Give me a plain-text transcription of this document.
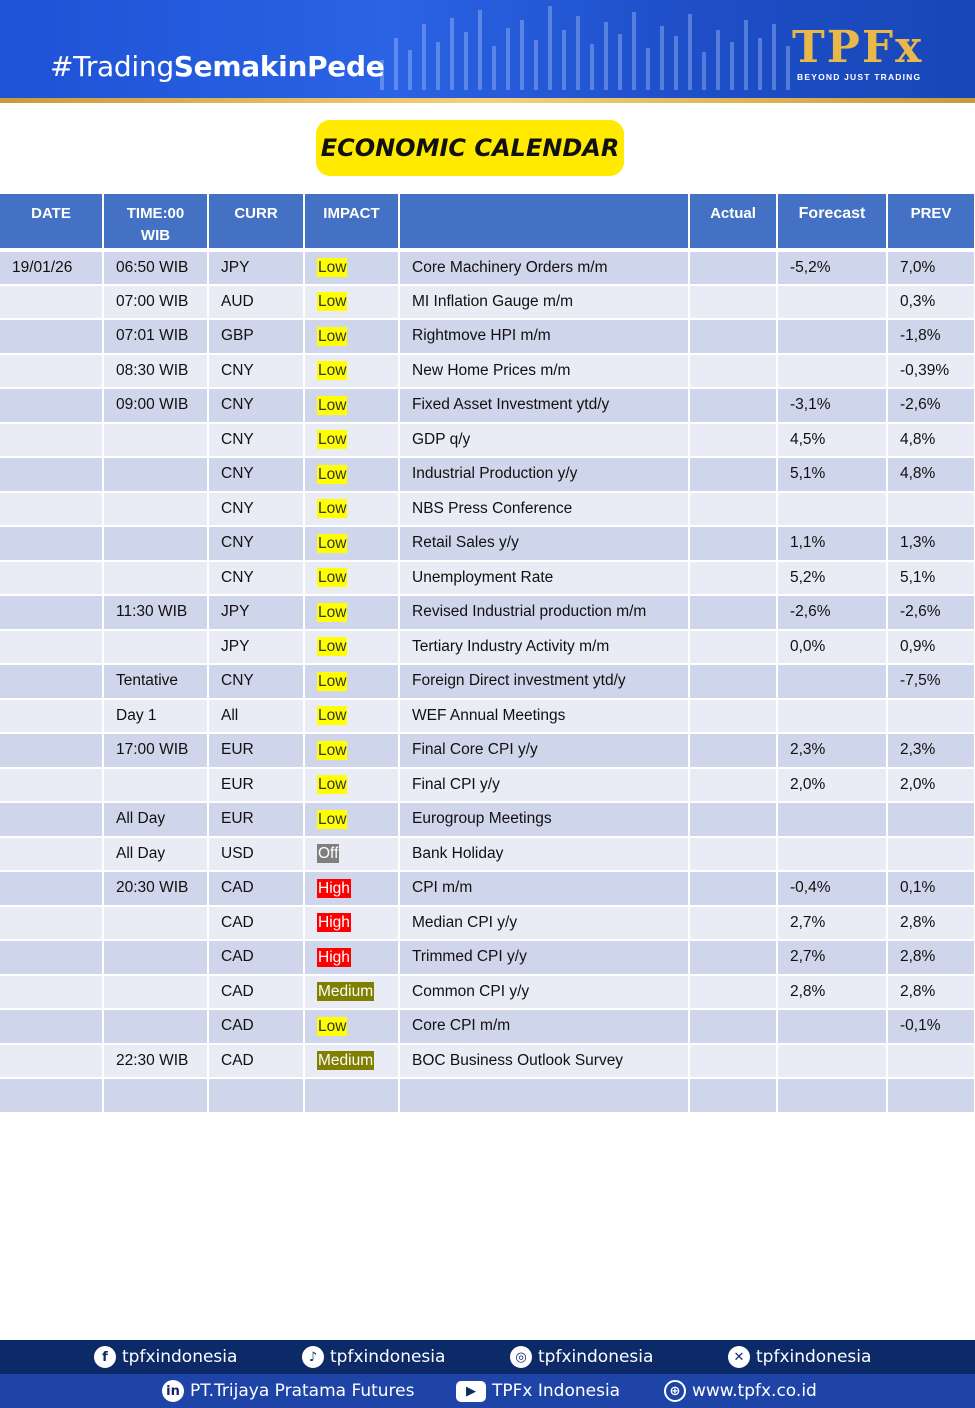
#TradingSemakinPede	TPFx
BEYOND JUST TRADING
ECONOMIC CALENDAR
DATE	TIME:00
WIB	CURR	IMPACT		Actual	Forecast	PREV
19/01/26	06:50 WIB	JPY	Low	Core Machinery Orders m/m		-5,2%	7,0%
	07:00 WIB	AUD	Low	MI Inflation Gauge m/m			0,3%
	07:01 WIB	GBP	Low	Rightmove HPI m/m			-1,8%
	08:30 WIB	CNY	Low	New Home Prices m/m			-0,39%
	09:00 WIB	CNY	Low	Fixed Asset Investment ytd/y		-3,1%	-2,6%
		CNY	Low	GDP q/y		4,5%	4,8%
		CNY	Low	Industrial Production y/y		5,1%	4,8%
		CNY	Low	NBS Press Conference			
		CNY	Low	Retail Sales y/y		1,1%	1,3%
		CNY	Low	Unemployment Rate		5,2%	5,1%
	11:30 WIB	JPY	Low	Revised Industrial production m/m		-2,6%	-2,6%
		JPY	Low	Tertiary Industry Activity m/m		0,0%	0,9%
	Tentative	CNY	Low	Foreign Direct investment ytd/y			-7,5%
	Day 1	All	Low	WEF Annual Meetings			
	17:00 WIB	EUR	Low	Final Core CPI y/y		2,3%	2,3%
		EUR	Low	Final CPI y/y		2,0%	2,0%
	All Day	EUR	Low	Eurogroup Meetings			
	All Day	USD	Off	Bank Holiday			
	20:30 WIB	CAD	High	CPI m/m		-0,4%	0,1%
		CAD	High	Median CPI y/y		2,7%	2,8%
		CAD	High	Trimmed CPI y/y		2,7%	2,8%
		CAD	Medium	Common CPI y/y		2,8%	2,8%
		CAD	Low	Core CPI m/m			-0,1%
	22:30 WIB	CAD	Medium	BOC Business Outlook Survey			

f tpfxindonesia	♪ tpfxindonesia	◎ tpfxindonesia	✕ tpfxindonesia
in PT.Trijaya Pratama Futures	▶ TPFx Indonesia	⊕ www.tpfx.co.id
